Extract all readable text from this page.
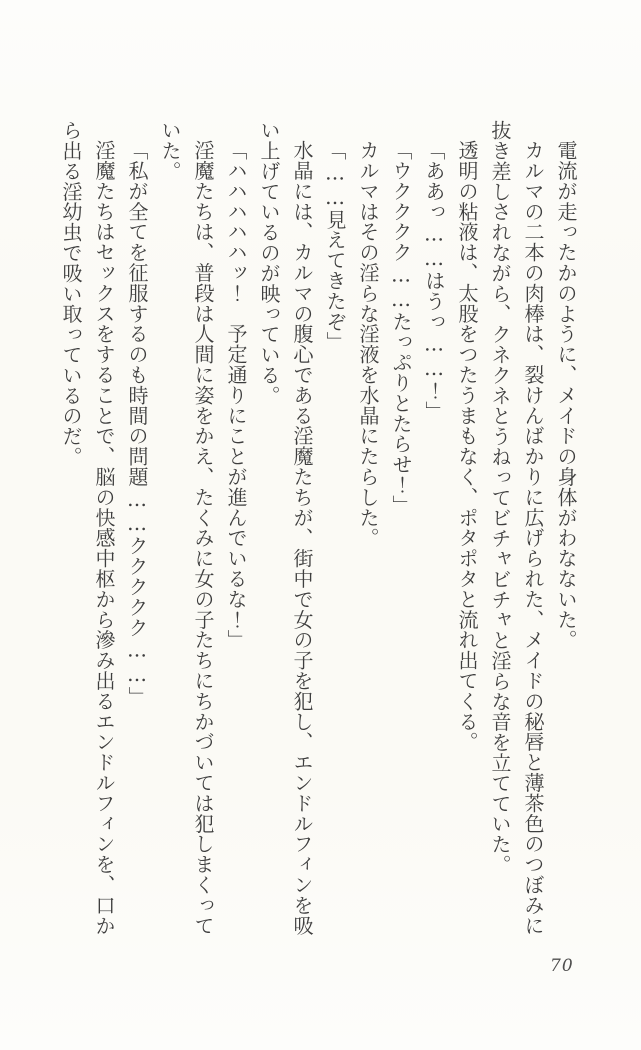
電流が走ったかのように、メイドの身体がわなないた。

カルマの二本の肉棒は、裂けんばかりに広げられた、メイドの秘唇と薄茶色のつぼみに抜き差しされながら、クネクネとうねってビチャビチャと淫らな音を立てていた。

透明の粘液は、太股をつたうまもなく、ポタポタと流れ出てくる。

「ああっ……はうっ……！」

「ウクククク……たっぷりとたらせ！」

カルマはその淫らな淫液を水晶にたらした。

「……見えてきたぞ」

水晶には、カルマの腹心である淫魔たちが、街中で女の子を犯し、エンドルフィンを吸い上げているのが映っている。

「ハハハハハッ！　予定通りにことが進んでいるな！」

淫魔たちは、普段は人間に姿をかえ、たくみに女の子たちにちかづいては犯しまくっていた。

「私が全てを征服するのも時間の問題……ククククク……」

淫魔たちはセックスをすることで、脳の快感中枢から滲み出るエンドルフィンを、口から出る淫幼虫で吸い取っているのだ。

70
